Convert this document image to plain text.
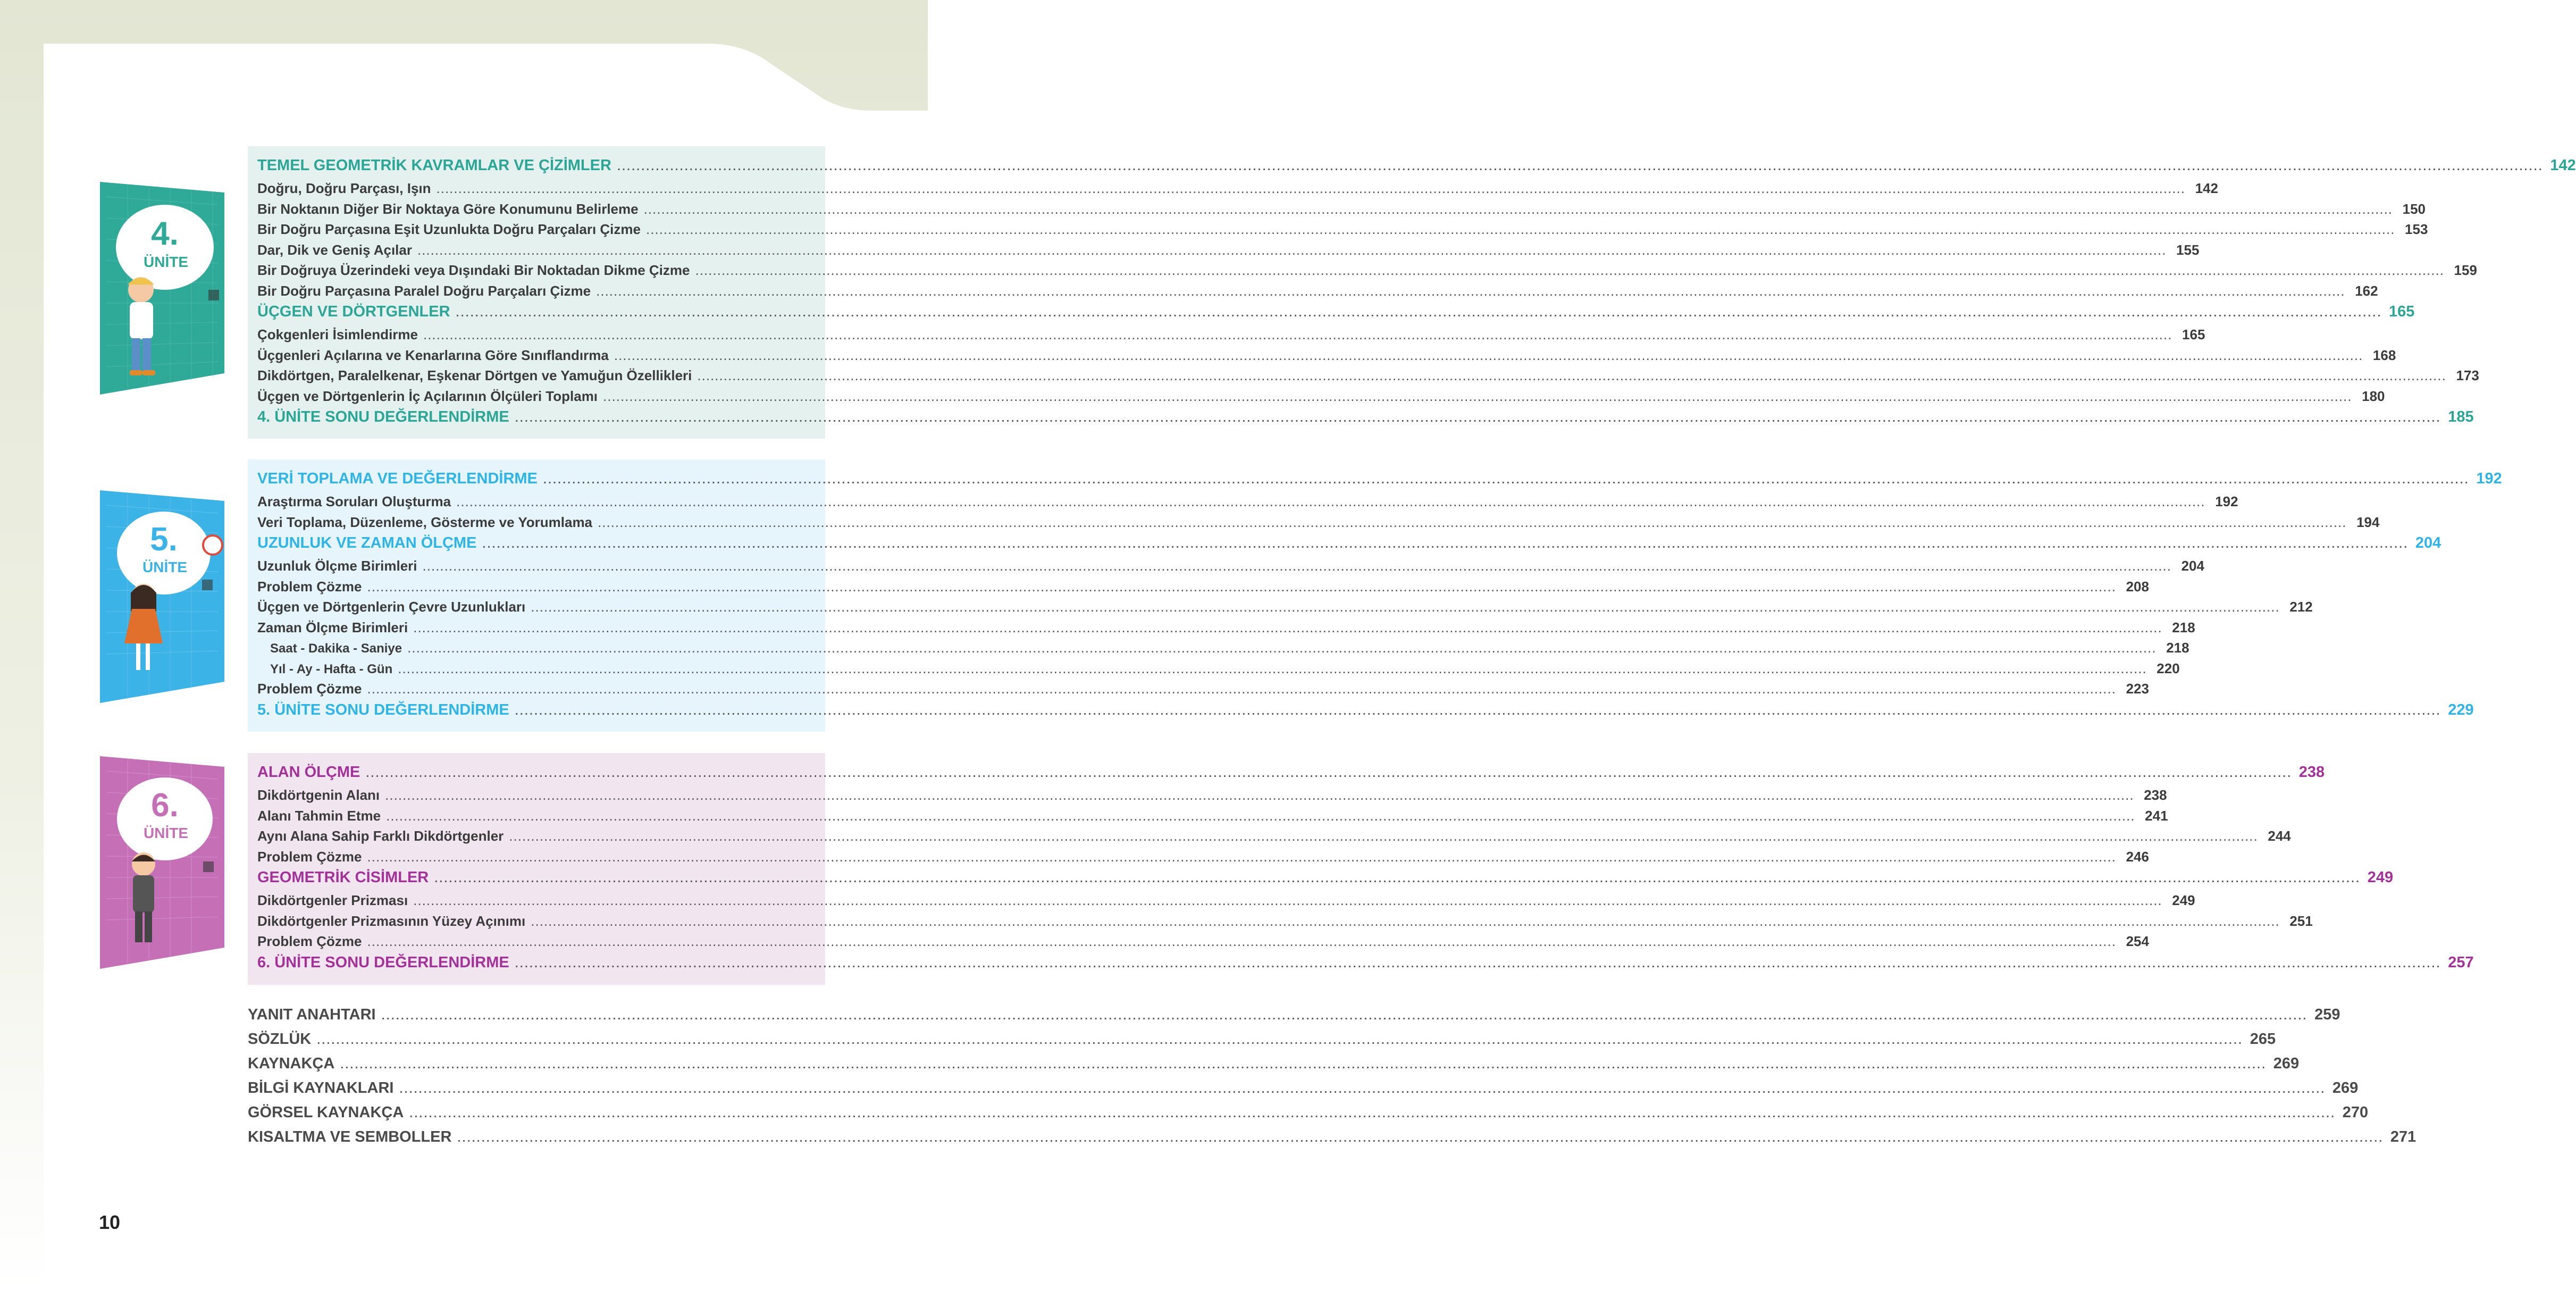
4.
ÜNİTE
5.
ÜNİTE
6.
ÜNİTE
TEMEL GEOMETRİK KAVRAMLAR VE ÇİZİMLER ................................................................................................................................................................................................................................................................................................................................................................................................................ 142
Doğru, Doğru Parçası, Işın ................................................................................................................................................................................................................................................................................................................................................................................................................ 142
Bir Noktanın Diğer Bir Noktaya Göre Konumunu Belirleme ................................................................................................................................................................................................................................................................................................................................................................................................................ 150
Bir Doğru Parçasına Eşit Uzunlukta Doğru Parçaları Çizme ................................................................................................................................................................................................................................................................................................................................................................................................................ 153
Dar, Dik ve Geniş Açılar ................................................................................................................................................................................................................................................................................................................................................................................................................ 155
Bir Doğruya Üzerindeki veya Dışındaki Bir Noktadan Dikme Çizme ................................................................................................................................................................................................................................................................................................................................................................................................................ 159
Bir Doğru Parçasına Paralel Doğru Parçaları Çizme ................................................................................................................................................................................................................................................................................................................................................................................................................ 162
ÜÇGEN VE DÖRTGENLER ................................................................................................................................................................................................................................................................................................................................................................................................................ 165
Çokgenleri İsimlendirme ................................................................................................................................................................................................................................................................................................................................................................................................................ 165
Üçgenleri Açılarına ve Kenarlarına Göre Sınıflandırma ................................................................................................................................................................................................................................................................................................................................................................................................................ 168
Dikdörtgen, Paralelkenar, Eşkenar Dörtgen ve Yamuğun Özellikleri ................................................................................................................................................................................................................................................................................................................................................................................................................ 173
Üçgen ve Dörtgenlerin İç Açılarının Ölçüleri Toplamı ................................................................................................................................................................................................................................................................................................................................................................................................................ 180
4. ÜNİTE SONU DEĞERLENDİRME ................................................................................................................................................................................................................................................................................................................................................................................................................ 185
VERİ TOPLAMA VE DEĞERLENDİRME ................................................................................................................................................................................................................................................................................................................................................................................................................ 192
Araştırma Soruları Oluşturma ................................................................................................................................................................................................................................................................................................................................................................................................................ 192
Veri Toplama, Düzenleme, Gösterme ve Yorumlama ................................................................................................................................................................................................................................................................................................................................................................................................................ 194
UZUNLUK VE ZAMAN ÖLÇME ................................................................................................................................................................................................................................................................................................................................................................................................................ 204
Uzunluk Ölçme Birimleri ................................................................................................................................................................................................................................................................................................................................................................................................................ 204
Problem Çözme ................................................................................................................................................................................................................................................................................................................................................................................................................ 208
Üçgen ve Dörtgenlerin Çevre Uzunlukları ................................................................................................................................................................................................................................................................................................................................................................................................................ 212
Zaman Ölçme Birimleri ................................................................................................................................................................................................................................................................................................................................................................................................................ 218
Saat - Dakika - Saniye ................................................................................................................................................................................................................................................................................................................................................................................................................ 218
Yıl - Ay - Hafta - Gün ................................................................................................................................................................................................................................................................................................................................................................................................................ 220
Problem Çözme ................................................................................................................................................................................................................................................................................................................................................................................................................ 223
5. ÜNİTE SONU DEĞERLENDİRME ................................................................................................................................................................................................................................................................................................................................................................................................................ 229
ALAN ÖLÇME ................................................................................................................................................................................................................................................................................................................................................................................................................ 238
Dikdörtgenin Alanı ................................................................................................................................................................................................................................................................................................................................................................................................................ 238
Alanı Tahmin Etme ................................................................................................................................................................................................................................................................................................................................................................................................................ 241
Aynı Alana Sahip Farklı Dikdörtgenler ................................................................................................................................................................................................................................................................................................................................................................................................................ 244
Problem Çözme ................................................................................................................................................................................................................................................................................................................................................................................................................ 246
GEOMETRİK CİSİMLER ................................................................................................................................................................................................................................................................................................................................................................................................................ 249
Dikdörtgenler Prizması ................................................................................................................................................................................................................................................................................................................................................................................................................ 249
Dikdörtgenler Prizmasının Yüzey Açınımı ................................................................................................................................................................................................................................................................................................................................................................................................................ 251
Problem Çözme ................................................................................................................................................................................................................................................................................................................................................................................................................ 254
6. ÜNİTE SONU DEĞERLENDİRME ................................................................................................................................................................................................................................................................................................................................................................................................................ 257
YANIT ANAHTARI ................................................................................................................................................................................................................................................................................................................................................................................................................ 259
SÖZLÜK ................................................................................................................................................................................................................................................................................................................................................................................................................ 265
KAYNAKÇA ................................................................................................................................................................................................................................................................................................................................................................................................................ 269
BİLGİ KAYNAKLARI ................................................................................................................................................................................................................................................................................................................................................................................................................ 269
GÖRSEL KAYNAKÇA ................................................................................................................................................................................................................................................................................................................................................................................................................ 270
KISALTMA VE SEMBOLLER ................................................................................................................................................................................................................................................................................................................................................................................................................ 271
10
